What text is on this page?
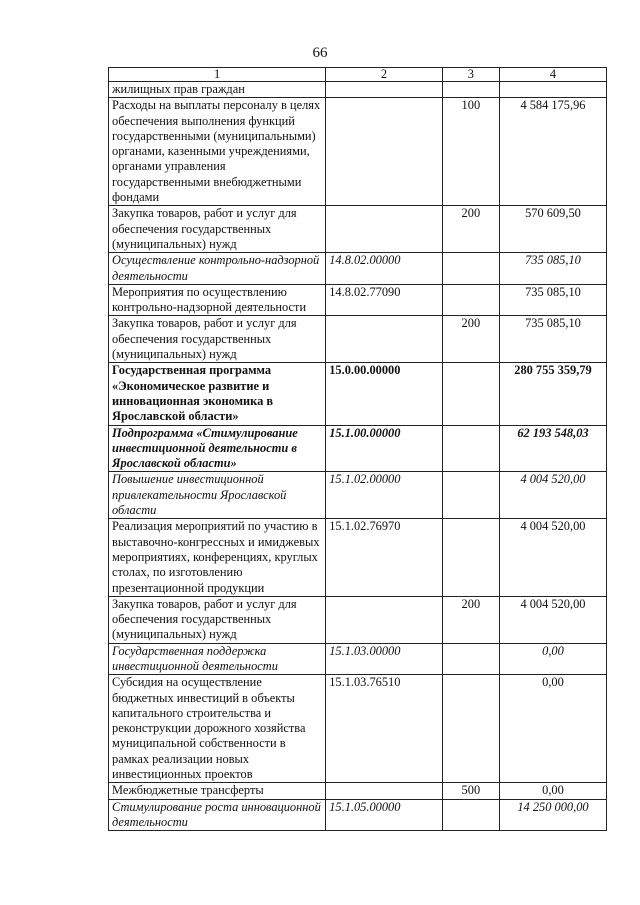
66
1	2	3	4
жилищных прав граждан			
Расходы на выплаты персоналу в целях обеспечения выполнения функций государственными (муниципальными) органами, казенными учреждениями, органами управления государственными внебюджетными фондами		100	4 584 175,96
Закупка товаров, работ и услуг для обеспечения государственных (муниципальных) нужд		200	570 609,50
Осуществление контрольно-надзорной деятельности	14.8.02.00000		735 085,10
Мероприятия по осуществлению контрольно-надзорной деятельности	14.8.02.77090		735 085,10
Закупка товаров, работ и услуг для обеспечения государственных (муниципальных) нужд		200	735 085,10
Государственная программа «Экономическое развитие и инновационная экономика в Ярославской области»	15.0.00.00000		280 755 359,79
Подпрограмма «Стимулирование инвестиционной деятельности в Ярославской области»	15.1.00.00000		62 193 548,03
Повышение инвестиционной привлекательности Ярославской области	15.1.02.00000		4 004 520,00
Реализация мероприятий по участию в выставочно-конгрессных и имиджевых мероприятиях, конференциях, круглых столах, по изготовлению презентационной продукции	15.1.02.76970		4 004 520,00
Закупка товаров, работ и услуг для обеспечения государственных (муниципальных) нужд		200	4 004 520,00
Государственная поддержка инвестиционной деятельности	15.1.03.00000		0,00
Субсидия на осуществление бюджетных инвестиций в объекты капитального строительства и реконструкции дорожного хозяйства муниципальной собственности в рамках реализации новых инвестиционных проектов	15.1.03.76510		0,00
Межбюджетные трансферты		500	0,00
Стимулирование роста инновационной деятельности	15.1.05.00000		14 250 000,00
